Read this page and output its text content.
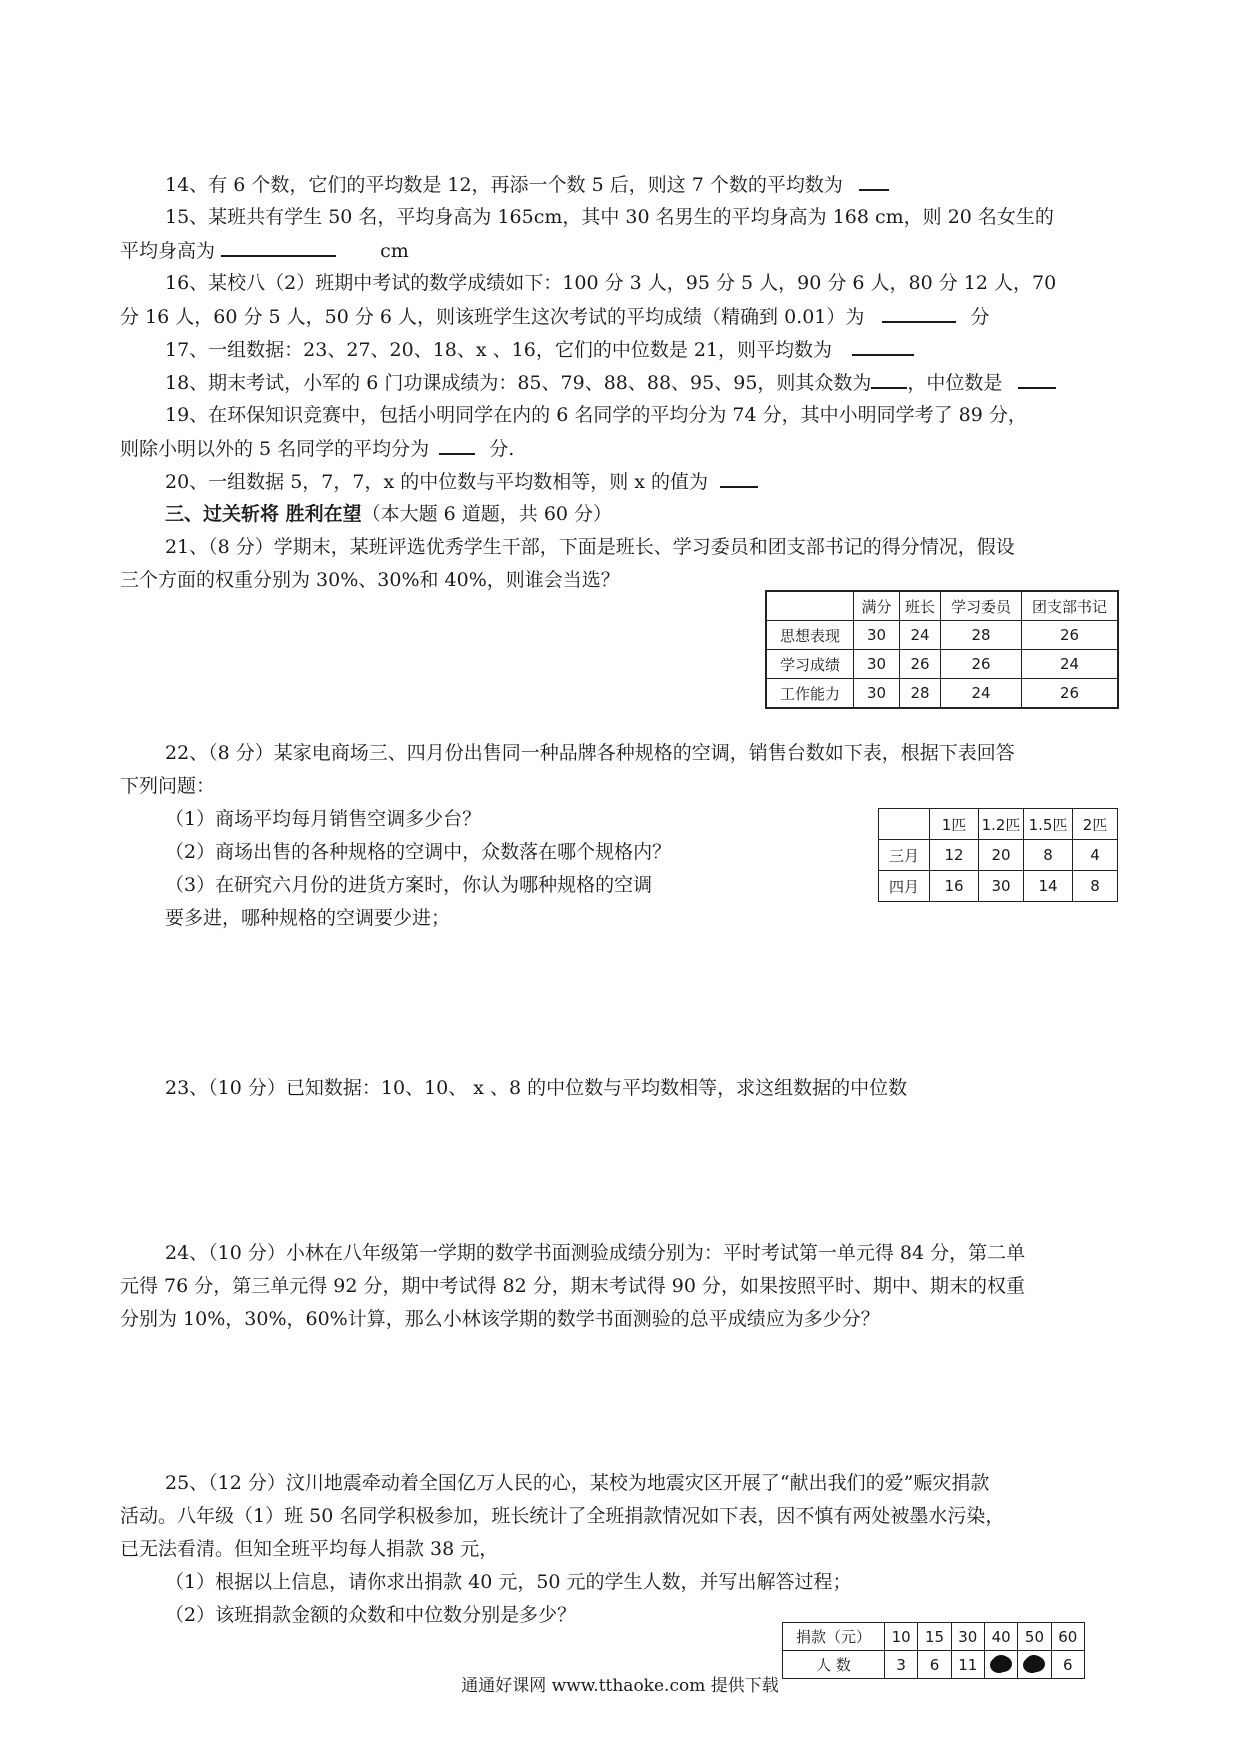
14、有 6 个数，它们的平均数是 12，再添一个数 5 后，则这 7 个数的平均数为
15、某班共有学生 50 名，平均身高为 165cm，其中 30 名男生的平均身高为 168 cm，则 20 名女生的
平均身高为	cm
16、某校八（2）班期中考试的数学成绩如下：100 分 3 人，95 分 5 人，90 分 6 人，80 分 12 人，70
分 16 人，60 分 5 人，50 分 6 人，则该班学生这次考试的平均成绩（精确到 0.01）为	分
17、一组数据：23、27、20、18、x 、16，它们的中位数是 21，则平均数为
18、期末考试，小军的 6 门功课成绩为：85、79、88、88、95、95，则其众数为 ，中位数是
19、在环保知识竞赛中，包括小明同学在内的 6 名同学的平均分为 74 分，其中小明同学考了 89 分，
则除小明以外的 5 名同学的平均分为	分.
20、一组数据 5，7，7，x 的中位数与平均数相等，则 x 的值为
三、过关斩将 胜利在望（本大题 6 道题，共 60 分）
21、（8 分）学期末，某班评选优秀学生干部，下面是班长、学习委员和团支部书记的得分情况，假设
三个方面的权重分别为 30%、30%和 40%，则谁会当选？
	满分	班长	学习委员	团支部书记
思想表现	30	24	28	26
学习成绩	30	26	26	24
工作能力	30	28	24	26
22、（8 分）某家电商场三、四月份出售同一种品牌各种规格的空调，销售台数如下表，根据下表回答
下列问题：
（1）商场平均每月销售空调多少台？
（2）商场出售的各种规格的空调中，众数落在哪个规格内？
（3）在研究六月份的进货方案时，你认为哪种规格的空调
要多进，哪种规格的空调要少进；
	1匹	1.2匹	1.5匹	2匹
三月	12	20	8	4
四月	16	30	14	8
23、（10 分）已知数据：10、10、 x 、8 的中位数与平均数相等，求这组数据的中位数
24、（10 分）小林在八年级第一学期的数学书面测验成绩分别为：平时考试第一单元得 84 分，第二单
元得 76 分，第三单元得 92 分，期中考试得 82 分，期末考试得 90 分，如果按照平时、期中、期末的权重
分别为 10%，30%，60%计算，那么小林该学期的数学书面测验的总平成绩应为多少分？
25、（12 分）汶川地震牵动着全国亿万人民的心，某校为地震灾区开展了“献出我们的爱”赈灾捐款
活动。八年级（1）班 50 名同学积极参加，班长统计了全班捐款情况如下表，因不慎有两处被墨水污染，
已无法看清。但知全班平均每人捐款 38 元，
（1）根据以上信息，请你求出捐款 40 元，50 元的学生人数，并写出解答过程；
（2）该班捐款金额的众数和中位数分别是多少？
捐款（元）	10	15	30	40	50	60
人 数	3	6	11			6
通通好课网 www.tthaoke.com 提供下载
